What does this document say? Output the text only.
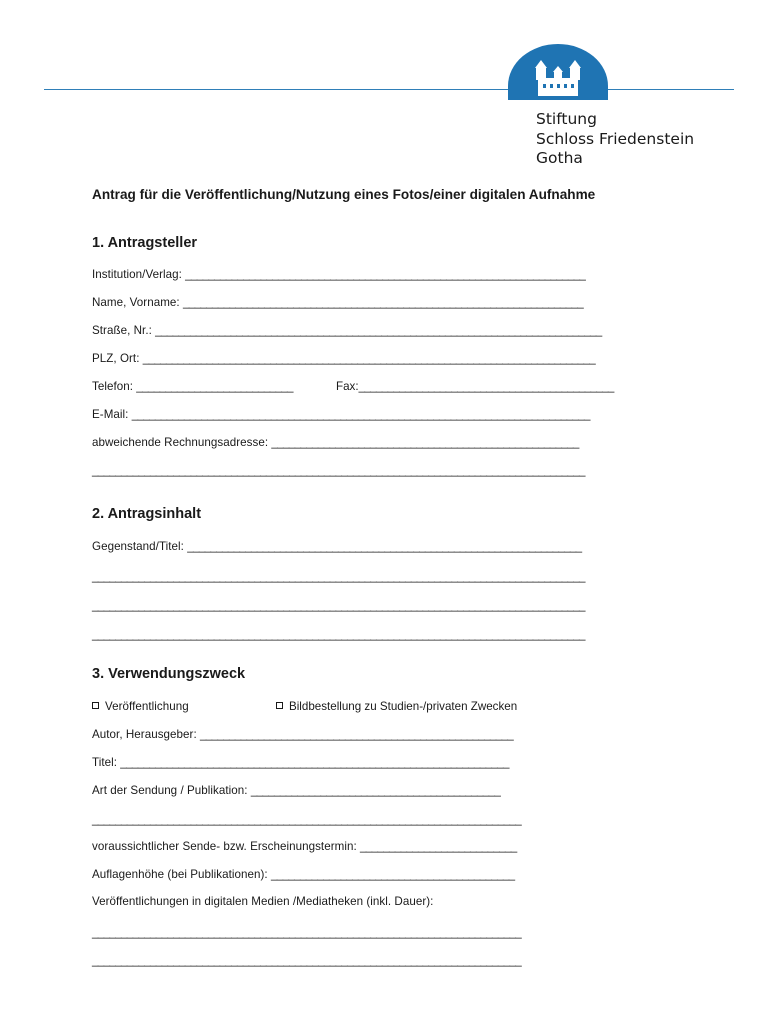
Stiftung
Schloss Friedenstein
Gotha
Antrag für die Veröffentlichung/Nutzung eines Fotos/einer digitalen Aufnahme
1. Antragsteller
Institution/Verlag: _____________________________________________________________________
Name, Vorname: _____________________________________________________________________
Straße, Nr.: _____________________________________________________________________________
PLZ, Ort: ______________________________________________________________________________
Telefon: ___________________________	Fax:____________________________________________
E-Mail: _______________________________________________________________________________
abweichende Rechnungsadresse: _____________________________________________________
_____________________________________________________________________________________
2. Antragsinhalt
Gegenstand/Titel: ____________________________________________________________________
_____________________________________________________________________________________
_____________________________________________________________________________________
_____________________________________________________________________________________
3. Verwendungszweck
Veröffentlichung	Bildbestellung zu Studien-/privaten Zwecken
Autor, Herausgeber: ______________________________________________________
Titel: ___________________________________________________________________
Art der Sendung / Publikation: ___________________________________________
__________________________________________________________________________
voraussichtlicher Sende- bzw. Erscheinungstermin: ___________________________
Auflagenhöhe (bei Publikationen): __________________________________________
Veröffentlichungen in digitalen Medien /Mediatheken (inkl. Dauer):
__________________________________________________________________________
__________________________________________________________________________
